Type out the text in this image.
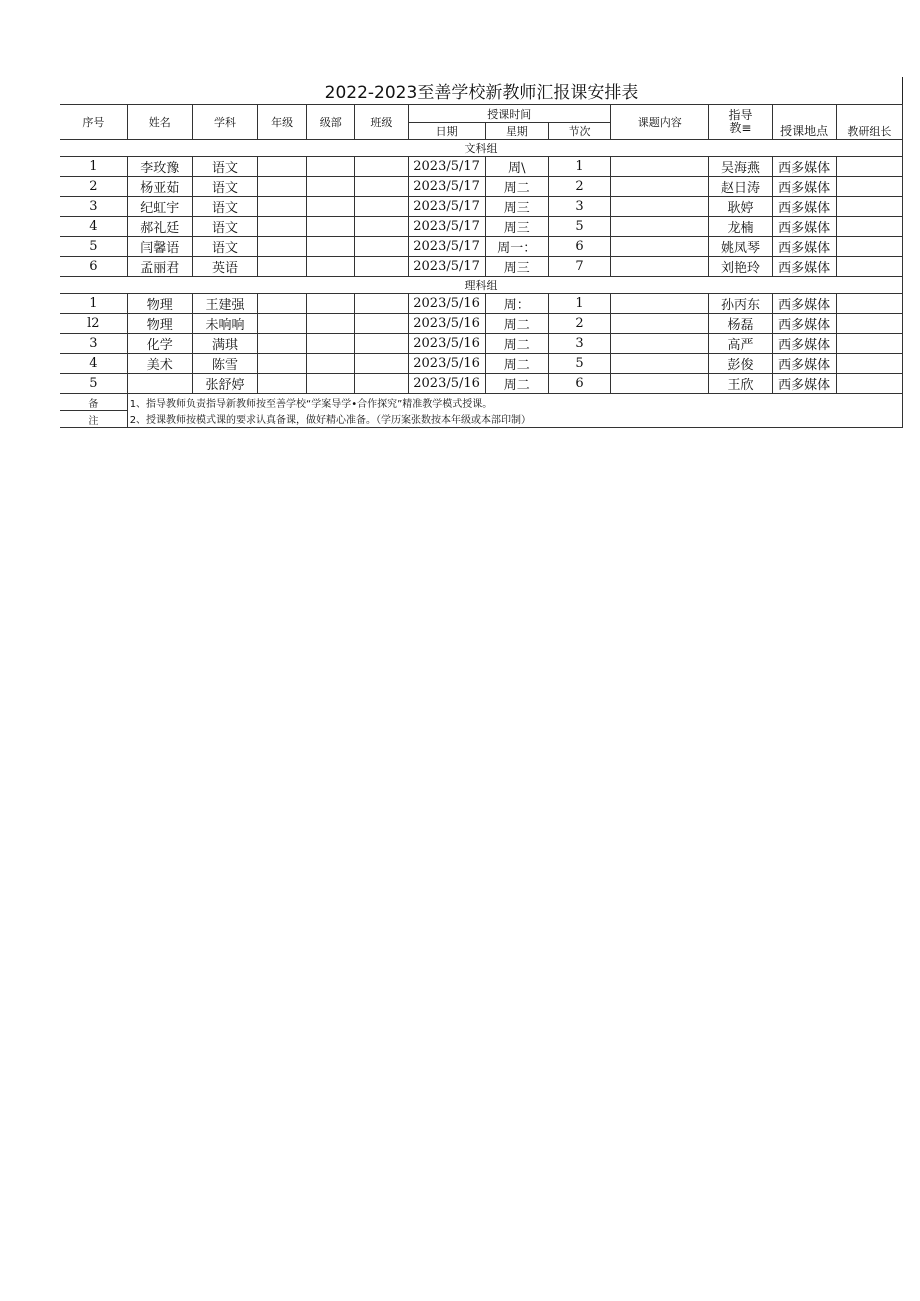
2022-2023至善学校新教师汇报课安排表
序号	姓名	学科	年级	级部	班级	授课时间			课题内容	指导
教≡	授课地点	教研组长
						日期	星期	节次				
文科组												
1	李玫豫	语文				2023/5/17	周\	1		吴海燕	西多媒体	
2	杨亚茹	语文				2023/5/17	周二	2		赵日涛	西多媒体	
3	纪虹宇	语文				2023/5/17	周三	3		耿婷	西多媒体	
4	郝礼廷	语文				2023/5/17	周三	5		龙楠	西多媒体	
5	闫馨语	语文				2023/5/17	周一：	6		姚凤琴	西多媒体	
6	孟丽君	英语				2023/5/17	周三	7		刘艳玲	西多媒体	
理科组												
1	物理	王建强				2023/5/16	周：	1		孙丙东	西多媒体	
l2	物理	未响响				2023/5/16	周二	2		杨磊	西多媒体	
3	化学	满琪				2023/5/16	周二	3		高严	西多媒体	
4	美术	陈雪				2023/5/16	周二	5		彭俊	西多媒体	
5		张舒婷				2023/5/16	周二	6		王欣	西多媒体	
备	1、指导教师负责指导新教师按至善学校“学案导学•合作探究”精准教学模式授课。											
注	2、授课教师按模式课的要求认真备课，做好精心准备。（学历案张数按本年级或本部印制）											
